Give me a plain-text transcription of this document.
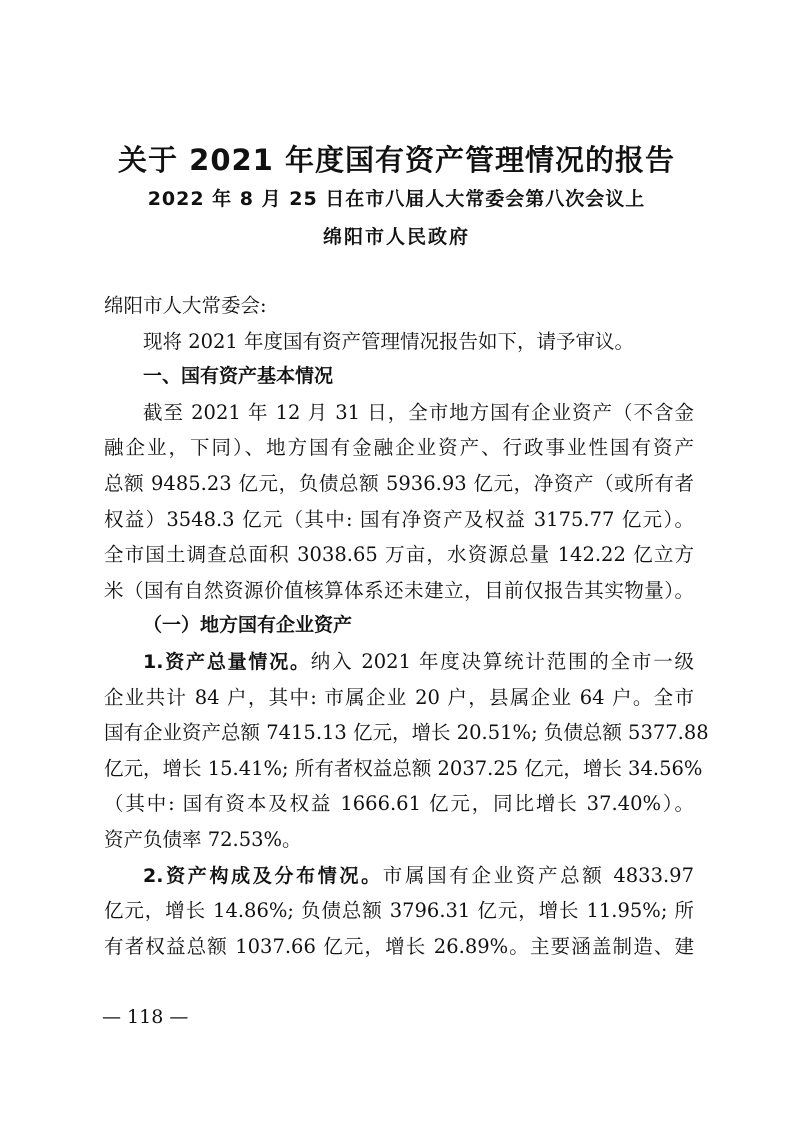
关于 2021 年度国有资产管理情况的报告
2022 年 8 月 25 日在市八届人大常委会第八次会议上
绵阳市人民政府
绵阳市人大常委会:
现将 2021 年度国有资产管理情况报告如下，请予审议。
一、国有资产基本情况
截至 2021 年 12 月 31 日，全市地方国有企业资产（不含金
融企业，下同）、地方国有金融企业资产、行政事业性国有资产
总额 9485.23 亿元，负债总额 5936.93 亿元，净资产（或所有者
权益）3548.3 亿元（其中: 国有净资产及权益 3175.77 亿元）。
全市国土调查总面积 3038.65 万亩，水资源总量 142.22 亿立方
米（国有自然资源价值核算体系还未建立，目前仅报告其实物量）。
（一）地方国有企业资产
1.资产总量情况。纳入 2021 年度决算统计范围的全市一级
企业共计 84 户，其中: 市属企业 20 户，县属企业 64 户。全市
国有企业资产总额 7415.13 亿元，增长 20.51%; 负债总额 5377.88
亿元，增长 15.41%; 所有者权益总额 2037.25 亿元，增长 34.56%
（其中: 国有资本及权益 1666.61 亿元，同比增长 37.40%）。
资产负债率 72.53%。
2.资产构成及分布情况。市属国有企业资产总额 4833.97
亿元，增长 14.86%; 负债总额 3796.31 亿元，增长 11.95%; 所
有者权益总额 1037.66 亿元，增长 26.89%。主要涵盖制造、建
— 118 —
